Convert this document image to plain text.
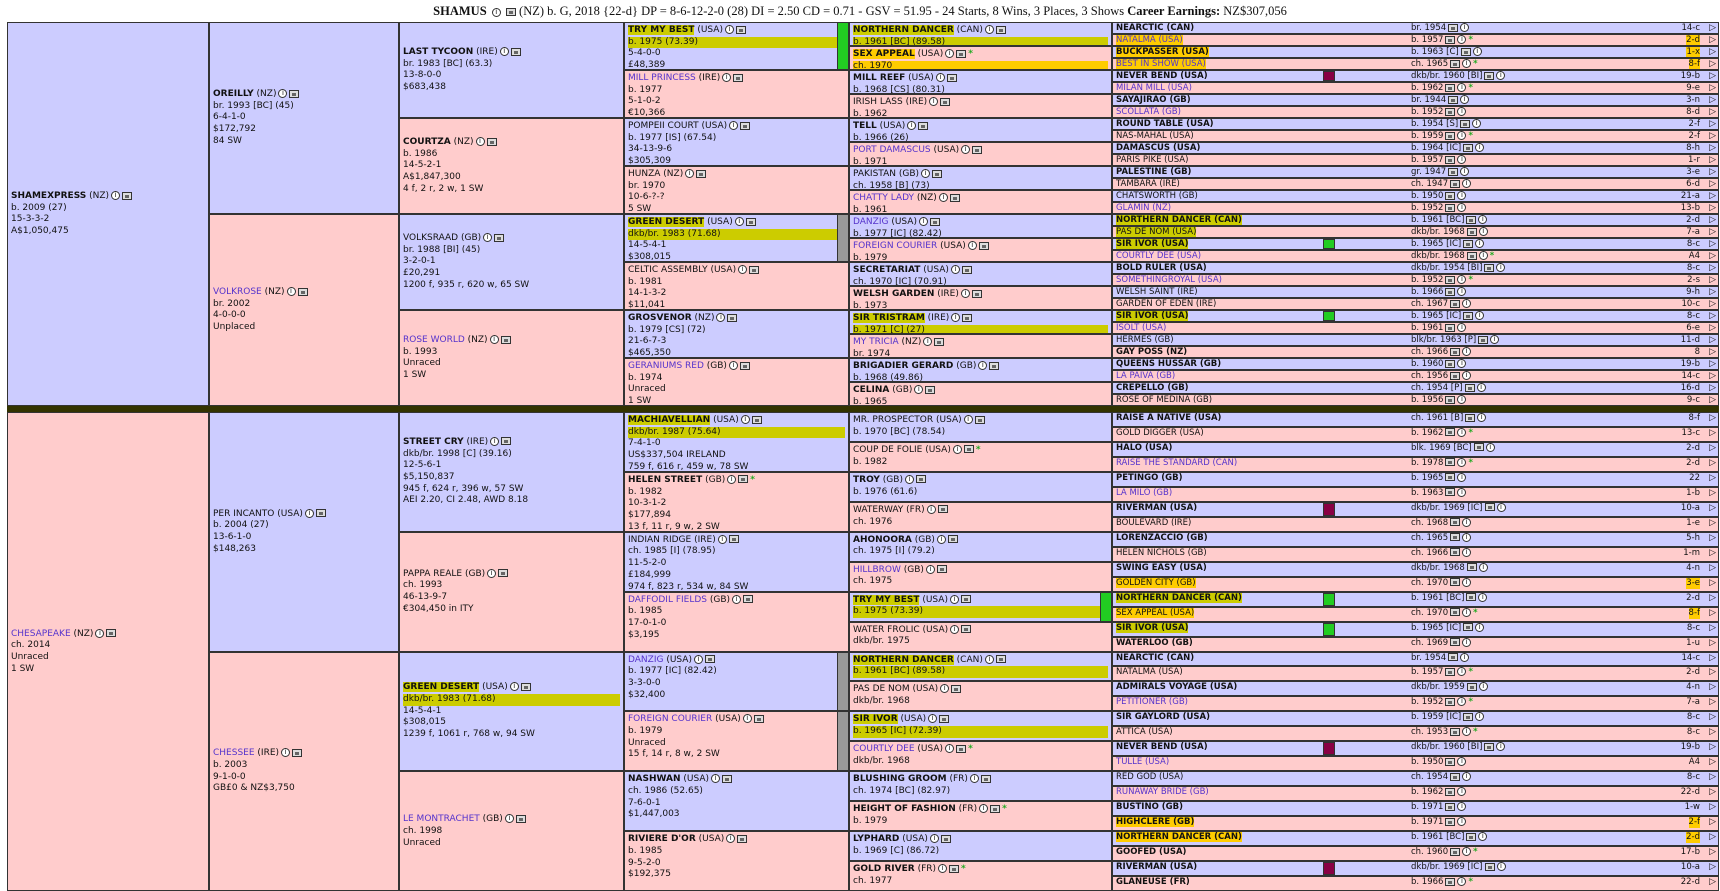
SHAMUS i (NZ) b. G, 2018 {22-d} DP = 8-6-12-2-0 (28) DI = 2.50 CD = 0.71 - GSV = 51.95 - 24 Starts, 8 Wins, 3 Places, 3 Shows Career Earnings: NZ$307,056
SHAMEXPRESS (NZ) i
b. 2009 (27)
15-3-3-2
A$1,050,475
CHESAPEAKE (NZ) i
ch. 2014
Unraced
1 SW
OREILLY (NZ) i
br. 1993 [BC] (45)
6-4-1-0
$172,792
84 SW
VOLKROSE (NZ) i
br. 2002
4-0-0-0
Unplaced
PER INCANTO (USA) i
b. 2004 (27)
13-6-1-0
$148,263
CHESSEE (IRE) i
b. 2003
9-1-0-0
GB£0 & NZ$3,750
LAST TYCOON (IRE) i
br. 1983 [BC] (63.3)
13-8-0-0
$683,438
COURTZA (NZ) i
b. 1986
14-5-2-1
A$1,847,300
4 f, 2 r, 2 w, 1 SW
VOLKSRAAD (GB) i
br. 1988 [BI] (45)
3-2-0-1
£20,291
1200 f, 935 r, 620 w, 65 SW
ROSE WORLD (NZ) i
b. 1993
Unraced
1 SW
STREET CRY (IRE) i
dkb/br. 1998 [C] (39.16)
12-5-6-1
$5,150,837
945 f, 624 r, 396 w, 57 SW
AEI 2.20, CI 2.48, AWD 8.18
PAPPA REALE (GB) i
ch. 1993
46-13-9-7
€304,450 in ITY
GREEN DESERT (USA) i
dkb/br. 1983 (71.68)
14-5-4-1
$308,015
1239 f, 1061 r, 768 w, 94 SW
LE MONTRACHET (GB) i
ch. 1998
Unraced
TRY MY BEST (USA) i
b. 1975 (73.39)
5-4-0-0
£48,389
MILL PRINCESS (IRE) i
b. 1977
5-1-0-2
€10,366
POMPEII COURT (USA) i
b. 1977 [IS] (67.54)
34-13-9-6
$305,309
HUNZA (NZ) i
br. 1970
10-6-?-?
5 SW
GREEN DESERT (USA) i
dkb/br. 1983 (71.68)
14-5-4-1
$308,015
CELTIC ASSEMBLY (USA) i
b. 1981
14-1-3-2
$11,041
GROSVENOR (NZ) i
b. 1979 [CS] (72)
21-6-7-3
$465,350
GERANIUMS RED (GB) i
b. 1974
Unraced
1 SW
MACHIAVELLIAN (USA) i
dkb/br. 1987 (75.64)
7-4-1-0
US$337,504 IRELAND
759 f, 616 r, 459 w, 78 SW
HELEN STREET (GB) i *
b. 1982
10-3-1-2
$177,894
13 f, 11 r, 9 w, 2 SW
INDIAN RIDGE (IRE) i
ch. 1985 [I] (78.95)
11-5-2-0
£184,999
974 f, 823 r, 534 w, 84 SW
DAFFODIL FIELDS (GB) i
b. 1985
17-0-1-0
$3,195
DANZIG (USA) i
b. 1977 [IC] (82.42)
3-3-0-0
$32,400
FOREIGN COURIER (USA) i
b. 1979
Unraced
15 f, 14 r, 8 w, 2 SW
NASHWAN (USA) i
ch. 1986 (52.65)
7-6-0-1
$1,447,003
RIVIERE D'OR (USA) i
b. 1985
9-5-2-0
$192,375
NORTHERN DANCER (CAN) i
b. 1961 [BC] (89.58)
SEX APPEAL (USA) i *
ch. 1970
MILL REEF (USA) i
b. 1968 [CS] (80.31)
IRISH LASS (IRE) i
b. 1962
TELL (USA) i
b. 1966 (26)
PORT DAMASCUS (USA) i
b. 1971
PAKISTAN (GB) i
ch. 1958 [B] (73)
CHATTY LADY (NZ) i
b. 1961
DANZIG (USA) i
b. 1977 [IC] (82.42)
FOREIGN COURIER (USA) i
b. 1979
SECRETARIAT (USA) i
ch. 1970 [IC] (70.91)
WELSH GARDEN (IRE) i
b. 1973
SIR TRISTRAM (IRE) i
b. 1971 [C] (27)
MY TRICIA (NZ) i
br. 1974
BRIGADIER GERARD (GB) i
b. 1968 (49.86)
CELINA (GB) i
b. 1965
MR. PROSPECTOR (USA) i
b. 1970 [BC] (78.54)
COUP DE FOLIE (USA) i *
b. 1982
TROY (GB) i
b. 1976 (61.6)
WATERWAY (FR) i
ch. 1976
AHONOORA (GB) i
ch. 1975 [I] (79.2)
HILLBROW (GB) i
ch. 1975
TRY MY BEST (USA) i
b. 1975 (73.39)
WATER FROLIC (USA) i
dkb/br. 1975
NORTHERN DANCER (CAN) i
b. 1961 [BC] (89.58)
PAS DE NOM (USA) i
dkb/br. 1968
SIR IVOR (USA) i
b. 1965 [IC] (72.39)
COURTLY DEE (USA) i *
dkb/br. 1968
BLUSHING GROOM (FR) i
ch. 1974 [BC] (82.97)
HEIGHT OF FASHION (FR) i *
b. 1979
LYPHARD (USA) i
b. 1969 [C] (86.72)
GOLD RIVER (FR) i *
ch. 1977
NEARCTIC (CAN)	br. 1954	i	14-c ▷
NATALMA (USA)	b. 1957	i *	2-d ▷
BUCKPASSER (USA)	b. 1963 [C]	i	1-x ▷
BEST IN SHOW (USA)	ch. 1965	i *	8-f ▷
NEVER BEND (USA)	dkb/br. 1960 [BI]	i	19-b ▷
MILAN MILL (USA)	b. 1962	i *	9-e ▷
SAYAJIRAO (GB)	br. 1944	i	3-n ▷
SCOLLATA (GB)	b. 1952	i	8-d ▷
ROUND TABLE (USA)	b. 1954 [S]	i	2-f ▷
NAS-MAHAL (USA)	b. 1959	i *	2-f ▷
DAMASCUS (USA)	b. 1964 [IC]	i	8-h ▷
PARIS PIKE (USA)	b. 1957	i	1-r ▷
PALESTINE (GB)	gr. 1947	i	3-e ▷
TAMBARA (IRE)	ch. 1947	i	6-d ▷
CHATSWORTH (GB)	b. 1950	i	21-a ▷
GLAMIN (NZ)	b. 1952	i	13-b ▷
NORTHERN DANCER (CAN)	b. 1961 [BC]	i	2-d ▷
PAS DE NOM (USA)	dkb/br. 1968	i	7-a ▷
SIR IVOR (USA)	b. 1965 [IC]	i	8-c ▷
COURTLY DEE (USA)	dkb/br. 1968	i *	A4 ▷
BOLD RULER (USA)	dkb/br. 1954 [BI]	i	8-c ▷
SOMETHINGROYAL (USA)	b. 1952	i *	2-s ▷
WELSH SAINT (IRE)	b. 1966	i	9-h ▷
GARDEN OF EDEN (IRE)	ch. 1967	i	10-c ▷
SIR IVOR (USA)	b. 1965 [IC]	i	8-c ▷
ISOLT (USA)	b. 1961	i	6-e ▷
HERMES (GB)	blk/br. 1963 [P]	i	11-d ▷
GAY POSS (NZ)	ch. 1966	i	8 ▷
QUEENS HUSSAR (GB)	b. 1960	i	19-b ▷
LA PAIVA (GB)	ch. 1956	i	14-c ▷
CREPELLO (GB)	ch. 1954 [P]	i	16-d ▷
ROSE OF MEDINA (GB)	b. 1956	i	9-c ▷
RAISE A NATIVE (USA)	ch. 1961 [B]	i	8-f ▷
GOLD DIGGER (USA)	b. 1962	i *	13-c ▷
HALO (USA)	blk. 1969 [BC]	i	2-d ▷
RAISE THE STANDARD (CAN)	b. 1978	i *	2-d ▷
PETINGO (GB)	b. 1965	i	22 ▷
LA MILO (GB)	b. 1963	i	1-b ▷
RIVERMAN (USA)	dkb/br. 1969 [IC]	i	10-a ▷
BOULEVARD (IRE)	ch. 1968	i	1-e ▷
LORENZACCIO (GB)	ch. 1965	i	5-h ▷
HELEN NICHOLS (GB)	ch. 1966	i	1-m ▷
SWING EASY (USA)	dkb/br. 1968	i	4-n ▷
GOLDEN CITY (GB)	ch. 1970	i	3-e ▷
NORTHERN DANCER (CAN)	b. 1961 [BC]	i	2-d ▷
SEX APPEAL (USA)	ch. 1970	i *	8-f ▷
SIR IVOR (USA)	b. 1965 [IC]	i	8-c ▷
WATERLOO (GB)	ch. 1969	i	1-u ▷
NEARCTIC (CAN)	br. 1954	i	14-c ▷
NATALMA (USA)	b. 1957	i *	2-d ▷
ADMIRALS VOYAGE (USA)	dkb/br. 1959	i	4-n ▷
PETITIONER (GB)	b. 1952	i *	7-a ▷
SIR GAYLORD (USA)	b. 1959 [IC]	i	8-c ▷
ATTICA (USA)	ch. 1953	i *	8-c ▷
NEVER BEND (USA)	dkb/br. 1960 [BI]	i	19-b ▷
TULLE (USA)	b. 1950	i	A4 ▷
RED GOD (USA)	ch. 1954	i	8-c ▷
RUNAWAY BRIDE (GB)	b. 1962	i	22-d ▷
BUSTINO (GB)	b. 1971	i	1-w ▷
HIGHCLERE (GB)	b. 1971	i	2-f ▷
NORTHERN DANCER (CAN)	b. 1961 [BC]	i	2-d ▷
GOOFED (USA)	ch. 1960	i *	17-b ▷
RIVERMAN (USA)	dkb/br. 1969 [IC]	i	10-a ▷
GLANEUSE (FR)	b. 1966	i *	22-d ▷
